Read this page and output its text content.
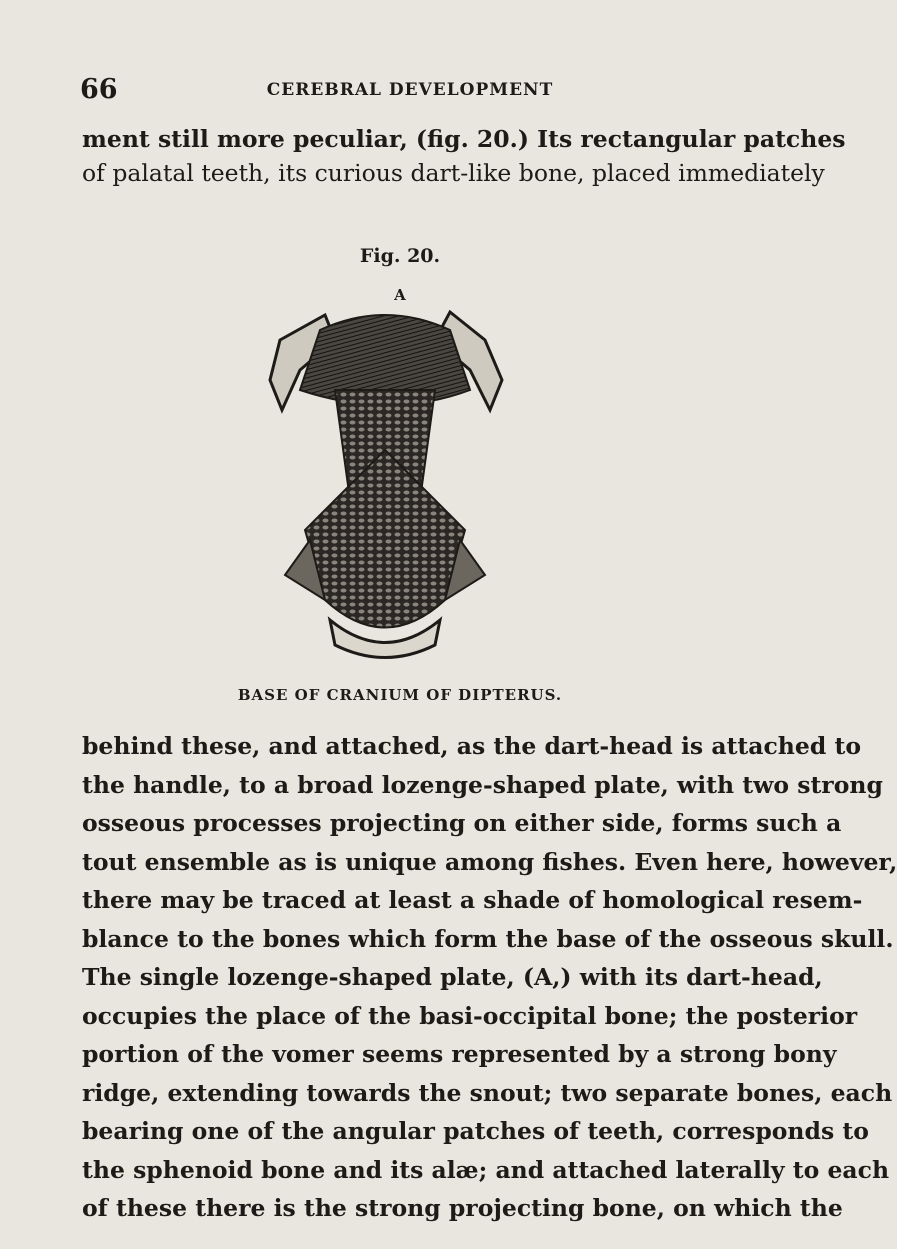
66	CEREBRAL DEVELOPMENT
ment still more peculiar, (fig. 20.) Its rectangular patches
of palatal teeth, its curious dart-like bone, placed immediately
Fig. 20.
A
BASE OF CRANIUM OF DIPTERUS.
behind these, and attached, as the dart-head is attached to
the handle, to a broad lozenge-shaped plate, with two strong
osseous processes projecting on either side, forms such a
tout ensemble as is unique among fishes. Even here, however,
there may be traced at least a shade of homological resem-
blance to the bones which form the base of the osseous skull.
The single lozenge-shaped plate, (A,) with its dart-head,
occupies the place of the basi-occipital bone; the posterior
portion of the vomer seems represented by a strong bony
ridge, extending towards the snout; two separate bones, each
bearing one of the angular patches of teeth, corresponds to
the sphenoid bone and its alæ; and attached laterally to each
of these there is the strong projecting bone, on which the
